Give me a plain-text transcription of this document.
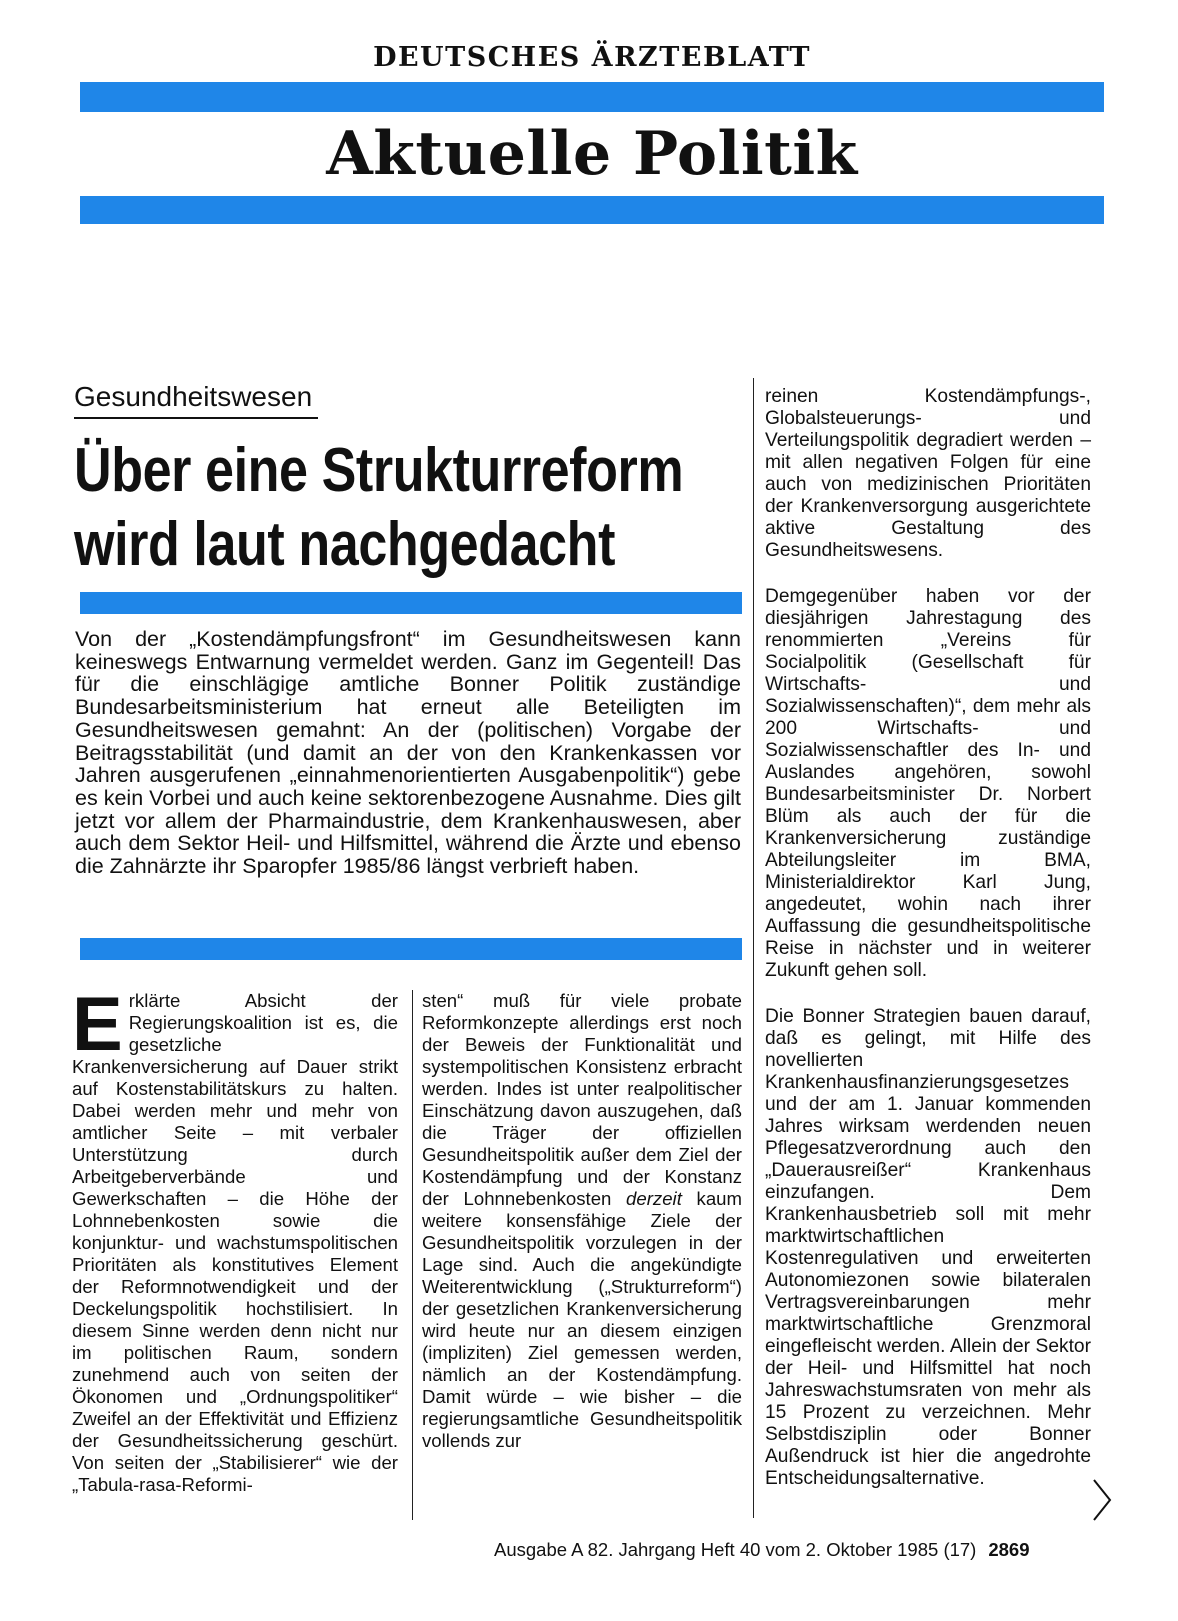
DEUTSCHES ÄRZTEBLATT
Aktuelle Politik
Gesundheitswesen
Über eine Strukturreform
wird laut nachgedacht
Von der „Kostendämpfungsfront“ im Gesundheitswesen kann keineswegs Entwarnung vermeldet werden. Ganz im Gegenteil! Das für die einschlägige amtliche Bonner Politik zuständige Bundesarbeitsministerium hat erneut alle Beteiligten im Gesundheitswesen gemahnt: An der (politischen) Vorgabe der Beitragsstabilität (und damit an der von den Krankenkassen vor Jahren ausgerufenen „einnahmenorientierten Ausgabenpolitik“) gebe es kein Vorbei und auch keine sektorenbezogene Ausnahme. Dies gilt jetzt vor allem der Pharmaindustrie, dem Krankenhauswesen, aber auch dem Sektor Heil- und Hilfsmittel, während die Ärzte und ebenso die Zahnärzte ihr Sparopfer 1985/86 längst verbrieft haben.
Erklärte Absicht der Regierungskoalition ist es, die gesetzliche Krankenversicherung auf Dauer strikt auf Kostenstabilitätskurs zu halten. Dabei werden mehr und mehr von amtlicher Seite – mit verbaler Unterstützung durch Arbeitgeberverbände und Gewerkschaften – die Höhe der Lohnnebenkosten sowie die konjunktur- und wachstumspolitischen Prioritäten als konstitutives Element der Reformnotwendigkeit und der Deckelungspolitik hochstilisiert. In diesem Sinne werden denn nicht nur im politischen Raum, sondern zunehmend auch von seiten der Ökonomen und „Ordnungspolitiker“ Zweifel an der Effektivität und Effizienz der Gesundheitssicherung geschürt. Von seiten der „Stabilisierer“ wie der „Tabula-rasa-Reformi-
sten“ muß für viele probate Reformkonzepte allerdings erst noch der Beweis der Funktionalität und systempolitischen Konsistenz erbracht werden. Indes ist unter realpolitischer Einschätzung davon auszugehen, daß die Träger der offiziellen Gesundheitspolitik außer dem Ziel der Kostendämpfung und der Konstanz der Lohnnebenkosten derzeit kaum weitere konsensfähige Ziele der Gesundheitspolitik vorzulegen in der Lage sind. Auch die angekündigte Weiterentwicklung („Strukturreform“) der gesetzlichen Krankenversicherung wird heute nur an diesem einzigen (impliziten) Ziel gemessen werden, nämlich an der Kostendämpfung. Damit würde – wie bisher – die regierungsamtliche Gesundheitspolitik vollends zur
reinen Kostendämpfungs-, Globalsteuerungs- und Verteilungspolitik degradiert werden – mit allen negativen Folgen für eine auch von medizinischen Prioritäten der Krankenversorgung ausgerichtete aktive Gestaltung des Gesundheitswesens.
Demgegenüber haben vor der diesjährigen Jahrestagung des renommierten „Vereins für Socialpolitik (Gesellschaft für Wirtschafts- und Sozialwissenschaften)“, dem mehr als 200 Wirtschafts- und Sozialwissenschaftler des In- und Auslandes angehören, sowohl Bundesarbeitsminister Dr. Norbert Blüm als auch der für die Krankenversicherung zuständige Abteilungsleiter im BMA, Ministerialdirektor Karl Jung, angedeutet, wohin nach ihrer Auffassung die gesundheitspolitische Reise in nächster und in weiterer Zukunft gehen soll.
Die Bonner Strategien bauen darauf, daß es gelingt, mit Hilfe des novellierten Krankenhausfinanzierungsgesetzes und der am 1. Januar kommenden Jahres wirksam werdenden neuen Pflegesatzverordnung auch den „Dauerausreißer“ Krankenhaus einzufangen. Dem Krankenhausbetrieb soll mit mehr marktwirtschaftlichen Kostenregulativen und erweiterten Autonomiezonen sowie bilateralen Vertragsvereinbarungen mehr marktwirtschaftliche Grenzmoral eingefleischt werden. Allein der Sektor der Heil- und Hilfsmittel hat noch Jahreswachstumsraten von mehr als 15 Prozent zu verzeichnen. Mehr Selbstdisziplin oder Bonner Außendruck ist hier die angedrohte Entscheidungsalternative.
Ausgabe A 82. Jahrgang Heft 40 vom 2. Oktober 1985 (17) 2869
